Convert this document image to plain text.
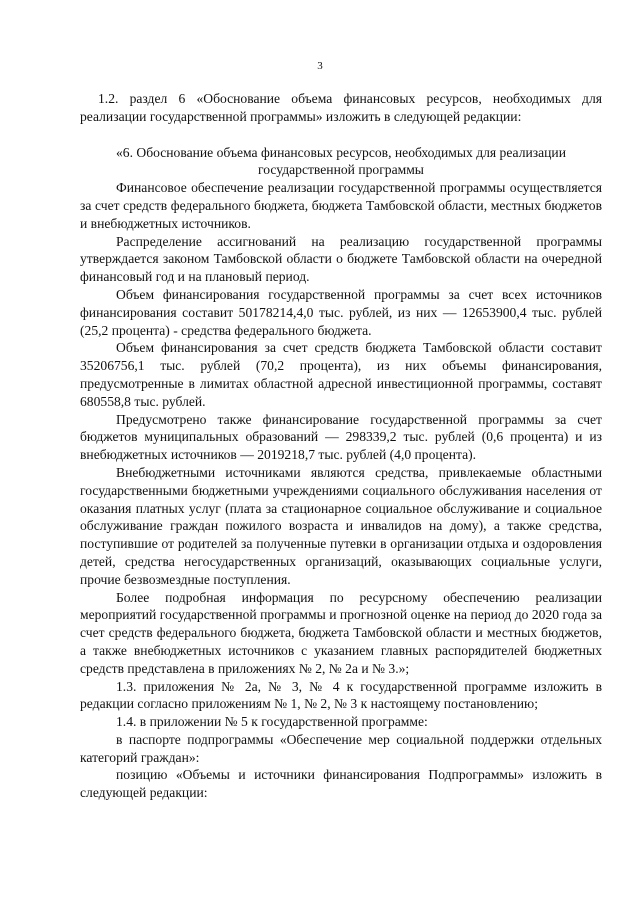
3

1.2. раздел 6 «Обоснование объема финансовых ресурсов, необходимых для реализации государственной программы» изложить в следующей редакции:

«6. Обоснование объема финансовых ресурсов, необходимых для реализации государственной программы

Финансовое обеспечение реализации государственной программы осуществляется за счет средств федерального бюджета, бюджета Тамбовской области, местных бюджетов и внебюджетных источников.

Распределение ассигнований на реализацию государственной программы утверждается законом Тамбовской области о бюджете Тамбовской области на очередной финансовый год и на плановый период.

Объем финансирования государственной программы за счет всех источников финансирования составит 50178214,4,0 тыс. рублей, из них — 12653900,4 тыс. рублей (25,2 процента) - средства федерального бюджета.

Объем финансирования за счет средств бюджета Тамбовской области составит 35206756,1 тыс. рублей (70,2 процента), из них объемы финансирования, предусмотренные в лимитах областной адресной инвестиционной программы, составят 680558,8 тыс. рублей.

Предусмотрено также финансирование государственной программы за счет бюджетов муниципальных образований — 298339,2 тыс. рублей (0,6 процента) и из внебюджетных источников — 2019218,7 тыс. рублей (4,0 процента).

Внебюджетными источниками являются средства, привлекаемые областными государственными бюджетными учреждениями социального обслуживания населения от оказания платных услуг (плата за стационарное социальное обслуживание и социальное обслуживание граждан пожилого возраста и инвалидов на дому), а также средства, поступившие от родителей за полученные путевки в организации отдыха и оздоровления детей, средства негосударственных организаций, оказывающих социальные услуги, прочие безвозмездные поступления.

Более подробная информация по ресурсному обеспечению реализации мероприятий государственной программы и прогнозной оценке на период до 2020 года за счет средств федерального бюджета, бюджета Тамбовской области и местных бюджетов, а также внебюджетных источников с указанием главных распорядителей бюджетных средств представлена в приложениях № 2, № 2а и № 3.»;

1.3. приложения № 2а, № 3, № 4 к государственной программе изложить в редакции согласно приложениям № 1, № 2, № 3 к настоящему постановлению;

1.4. в приложении № 5 к государственной программе:

в паспорте подпрограммы «Обеспечение мер социальной поддержки отдельных категорий граждан»:

позицию «Объемы и источники финансирования Подпрограммы» изложить в следующей редакции:
